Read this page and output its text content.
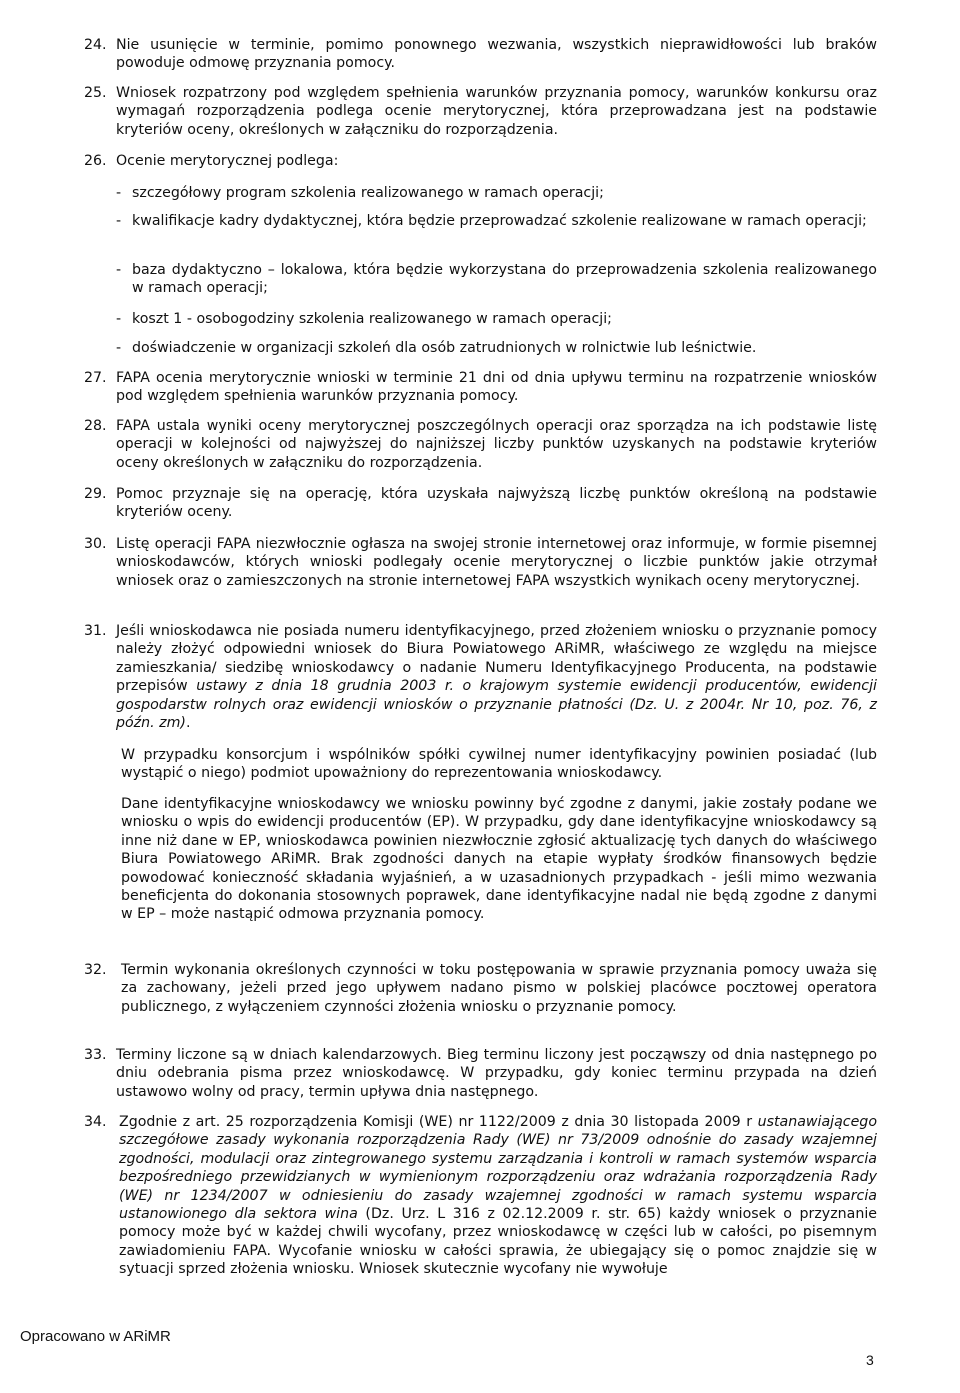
24. Nie usunięcie w terminie, pomimo ponownego wezwania, wszystkich nieprawidłowości lub braków powoduje odmowę przyznania pomocy.
25. Wniosek rozpatrzony pod względem spełnienia warunków przyznania pomocy, warunków konkursu oraz wymagań rozporządzenia podlega ocenie merytorycznej, która przeprowadzana jest na podstawie kryteriów oceny, określonych w załączniku do rozporządzenia.
26. Ocenie merytorycznej podlega:
- szczegółowy program szkolenia realizowanego w ramach operacji;
- kwalifikacje kadry dydaktycznej, która będzie przeprowadzać szkolenie realizowane w ramach operacji;
- baza dydaktyczno – lokalowa, która będzie wykorzystana do przeprowadzenia szkolenia realizowanego w ramach operacji;
- koszt 1 - osobogodziny szkolenia realizowanego w ramach operacji;
- doświadczenie w organizacji szkoleń dla osób zatrudnionych w rolnictwie lub leśnictwie.
27. FAPA ocenia merytorycznie wnioski w terminie 21 dni od dnia upływu terminu na rozpatrzenie wniosków pod względem spełnienia warunków przyznania pomocy.
28. FAPA ustala wyniki oceny merytorycznej poszczególnych operacji oraz sporządza na ich podstawie listę operacji w kolejności od najwyższej do najniższej liczby punktów uzyskanych na podstawie kryteriów oceny określonych w załączniku do rozporządzenia.
29. Pomoc przyznaje się na operację, która uzyskała najwyższą liczbę punktów określoną na podstawie kryteriów oceny.
30. Listę operacji FAPA niezwłocznie ogłasza na swojej stronie internetowej oraz informuje, w formie pisemnej wnioskodawców, których wnioski podlegały ocenie merytorycznej o liczbie punktów jakie otrzymał wniosek oraz o zamieszczonych na stronie internetowej FAPA wszystkich wynikach oceny merytorycznej.
31. Jeśli wnioskodawca nie posiada numeru identyfikacyjnego, przed złożeniem wniosku o przyznanie pomocy należy złożyć odpowiedni wniosek do Biura Powiatowego ARiMR, właściwego ze względu na miejsce zamieszkania/ siedzibę wnioskodawcy o nadanie Numeru Identyfikacyjnego Producenta, na podstawie przepisów ustawy z dnia 18 grudnia 2003 r. o krajowym systemie ewidencji producentów, ewidencji gospodarstw rolnych oraz ewidencji wniosków o przyznanie płatności (Dz. U. z 2004r. Nr 10, poz. 76, z późn. zm).
W przypadku konsorcjum i wspólników spółki cywilnej numer identyfikacyjny powinien posiadać (lub wystąpić o niego) podmiot upoważniony do reprezentowania wnioskodawcy.
Dane identyfikacyjne wnioskodawcy we wniosku powinny być zgodne z danymi, jakie zostały podane we wniosku o wpis do ewidencji producentów (EP). W przypadku, gdy dane identyfikacyjne wnioskodawcy są inne niż dane w EP, wnioskodawca powinien niezwłocznie zgłosić aktualizację tych danych do właściwego Biura Powiatowego ARiMR. Brak zgodności danych na etapie wypłaty środków finansowych będzie powodować konieczność składania wyjaśnień, a w uzasadnionych przypadkach - jeśli mimo wezwania beneficjenta do dokonania stosownych poprawek, dane identyfikacyjne nadal nie będą zgodne z danymi w EP – może nastąpić odmowa przyznania pomocy.
32. Termin wykonania określonych czynności w toku postępowania w sprawie przyznania pomocy uważa się za zachowany, jeżeli przed jego upływem nadano pismo w polskiej placówce pocztowej operatora publicznego, z wyłączeniem czynności złożenia wniosku o przyznanie pomocy.
33. Terminy liczone są w dniach kalendarzowych. Bieg terminu liczony jest począwszy od dnia następnego po dniu odebrania pisma przez wnioskodawcę. W przypadku, gdy koniec terminu przypada na dzień ustawowo wolny od pracy, termin upływa dnia następnego.
34. Zgodnie z art. 25 rozporządzenia Komisji (WE) nr 1122/2009 z dnia 30 listopada 2009 r ustanawiającego szczegółowe zasady wykonania rozporządzenia Rady (WE) nr 73/2009 odnośnie do zasady wzajemnej zgodności, modulacji oraz zintegrowanego systemu zarządzania i kontroli w ramach systemów wsparcia bezpośredniego przewidzianych w wymienionym rozporządzeniu oraz wdrażania rozporządzenia Rady (WE) nr 1234/2007 w odniesieniu do zasady wzajemnej zgodności w ramach systemu wsparcia ustanowionego dla sektora wina (Dz. Urz. L 316 z 02.12.2009 r. str. 65) każdy wniosek o przyznanie pomocy może być w każdej chwili wycofany, przez wnioskodawcę w części lub w całości, po pisemnym zawiadomieniu FAPA. Wycofanie wniosku w całości sprawia, że ubiegający się o pomoc znajdzie się w sytuacji sprzed złożenia wniosku. Wniosek skutecznie wycofany nie wywołuje
Opracowano w ARiMR
3
